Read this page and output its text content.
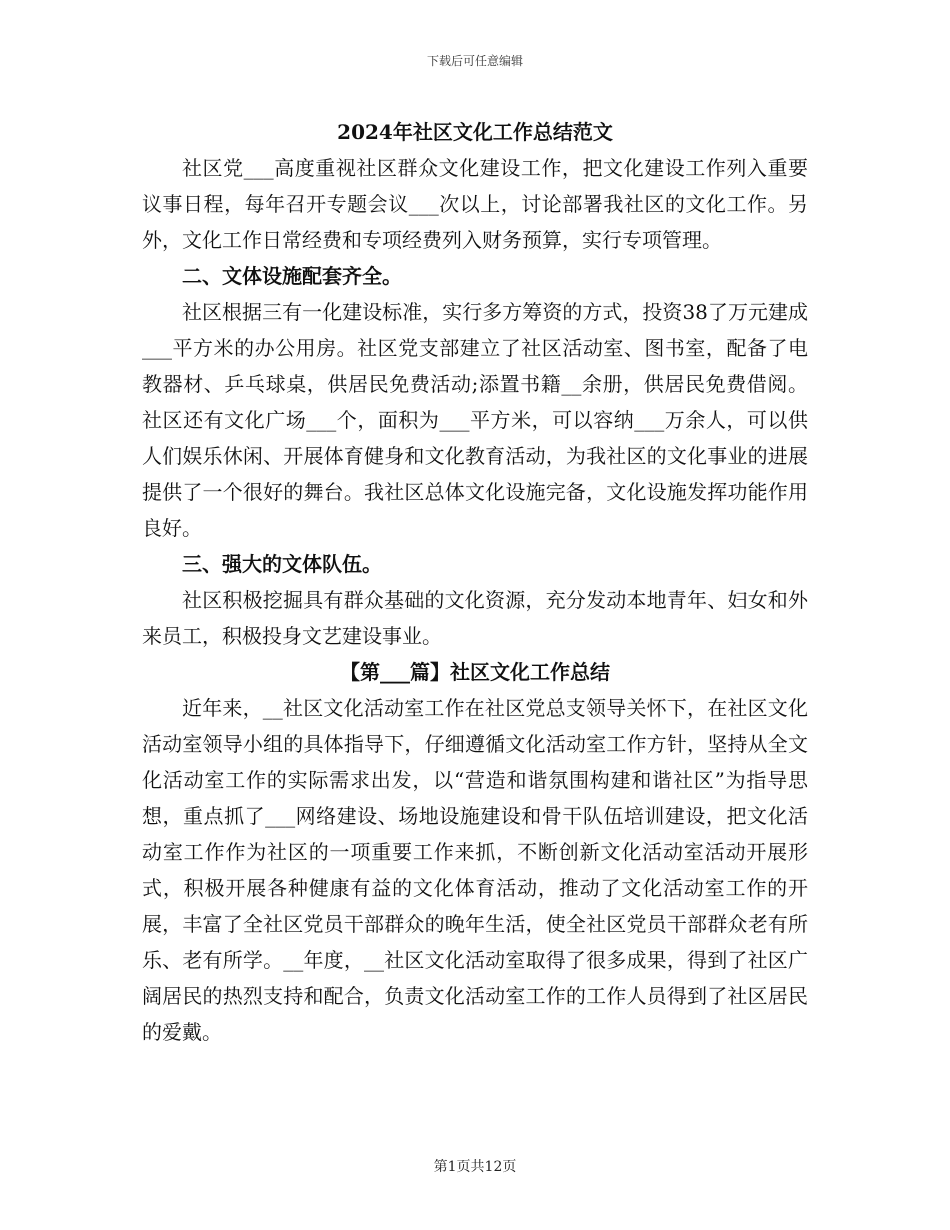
下载后可任意编辑

2024年社区文化工作总结范文

社区党___高度重视社区群众文化建设工作，把文化建设工作列入重要议事日程，每年召开专题会议___次以上，讨论部署我社区的文化工作。另外，文化工作日常经费和专项经费列入财务预算，实行专项管理。

二、文体设施配套齐全。

社区根据三有一化建设标准，实行多方筹资的方式，投资38了万元建成___平方米的办公用房。社区党支部建立了社区活动室、图书室，配备了电教器材、乒乓球桌，供居民免费活动;添置书籍__余册，供居民免费借阅。社区还有文化广场___个，面积为___平方米，可以容纳___万余人，可以供人们娱乐休闲、开展体育健身和文化教育活动，为我社区的文化事业的进展提供了一个很好的舞台。我社区总体文化设施完备，文化设施发挥功能作用良好。

三、强大的文体队伍。

社区积极挖掘具有群众基础的文化资源，充分发动本地青年、妇女和外来员工，积极投身文艺建设事业。

【第___篇】社区文化工作总结

近年来，__社区文化活动室工作在社区党总支领导关怀下，在社区文化活动室领导小组的具体指导下，仔细遵循文化活动室工作方针，坚持从全文化活动室工作的实际需求出发，以“营造和谐氛围构建和谐社区”为指导思想，重点抓了___网络建设、场地设施建设和骨干队伍培训建设，把文化活动室工作作为社区的一项重要工作来抓，不断创新文化活动室活动开展形式，积极开展各种健康有益的文化体育活动，推动了文化活动室工作的开展，丰富了全社区党员干部群众的晚年生活，使全社区党员干部群众老有所乐、老有所学。__年度，__社区文化活动室取得了很多成果，得到了社区广阔居民的热烈支持和配合，负责文化活动室工作的工作人员得到了社区居民的爱戴。

第1页共12页
